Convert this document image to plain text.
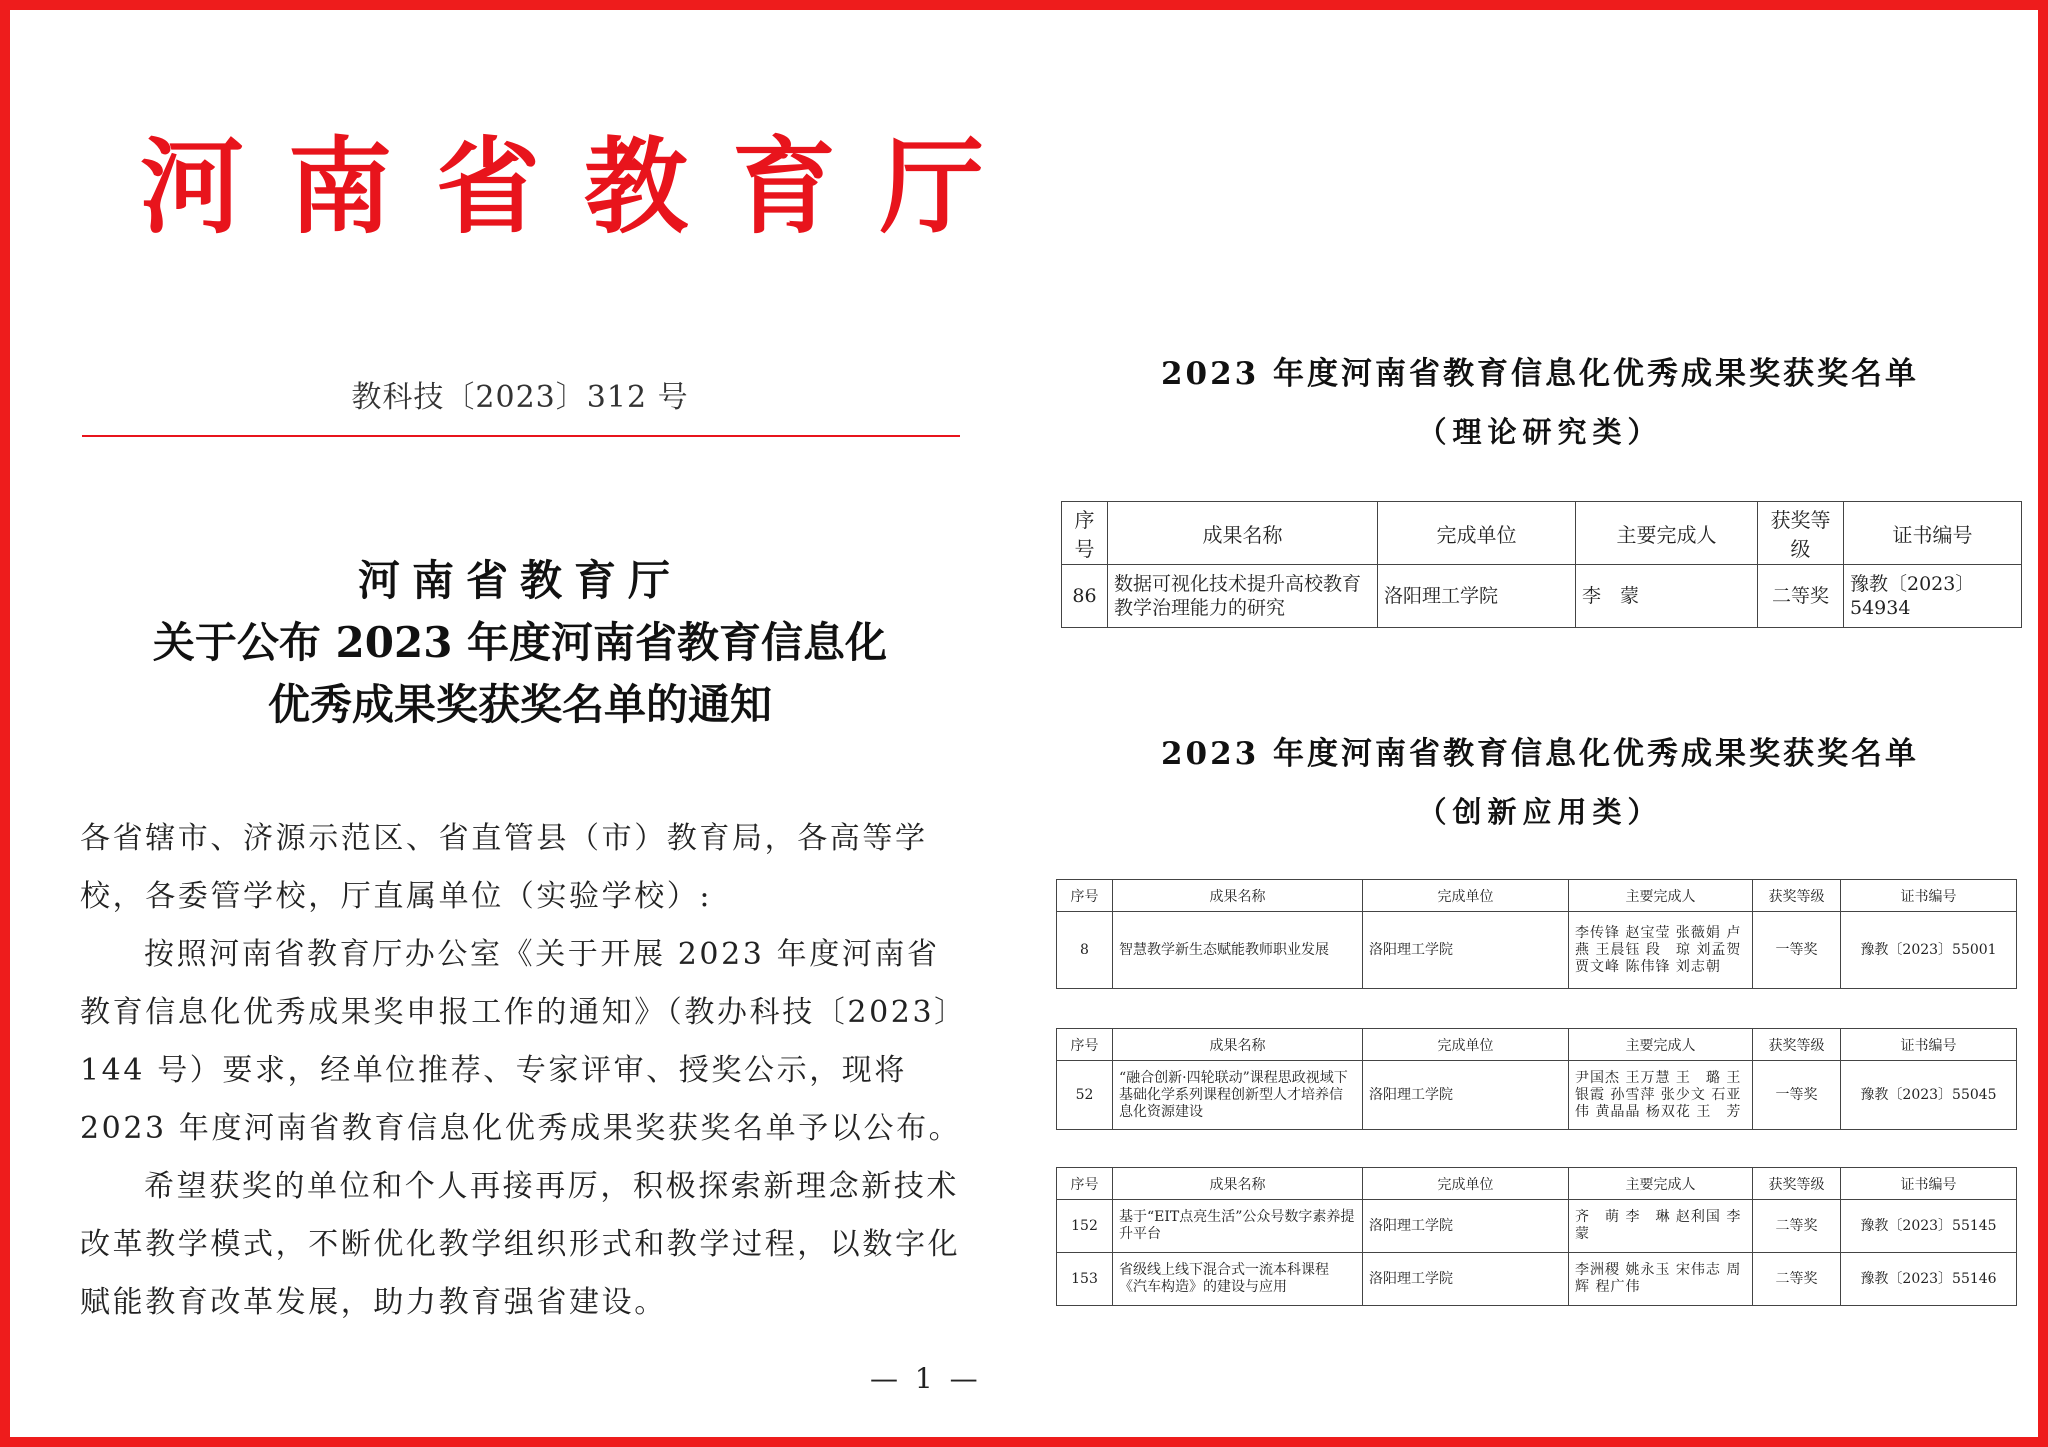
河南省教育厅
教科技〔2023〕312 号
河南省教育厅
关于公布 2023 年度河南省教育信息化
优秀成果奖获奖名单的通知

各省辖市、济源示范区、省直管县（市）教育局，各高等学校，各委管学校，厅直属单位（实验学校）:

按照河南省教育厅办公室《关于开展 2023 年度河南省教育信息化优秀成果奖申报工作的通知》（教办科技〔2023〕144 号）要求，经单位推荐、专家评审、授奖公示，现将 2023 年度河南省教育信息化优秀成果奖获奖名单予以公布。

希望获奖的单位和个人再接再厉，积极探索新理念新技术改革教学模式，不断优化教学组织形式和教学过程，以数字化赋能教育改革发展，助力教育强省建设。

— 1 —
2023 年度河南省教育信息化优秀成果奖获奖名单
（理论研究类）
序号	成果名称	完成单位	主要完成人	获奖等级	证书编号
86	数据可视化技术提升高校教育教学治理能力的研究	洛阳理工学院	李　蒙	二等奖	豫教〔2023〕54934
2023 年度河南省教育信息化优秀成果奖获奖名单
（创新应用类）
序号	成果名称	完成单位	主要完成人	获奖等级	证书编号
8	智慧教学新生态赋能教师职业发展	洛阳理工学院	李传锋 赵宝莹 张薇娟 卢　燕 王晨钰 段　琼 刘孟贺 贾文峰 陈伟锋 刘志朝	一等奖	豫教〔2023〕55001
序号	成果名称	完成单位	主要完成人	获奖等级	证书编号
52	“融合创新·四轮联动”课程思政视域下基础化学系列课程创新型人才培养信息化资源建设	洛阳理工学院	尹国杰 王万慧 王　璐 王银霞 孙雪萍 张少文 石亚伟 黄晶晶 杨双花 王　芳	一等奖	豫教〔2023〕55045
序号	成果名称	完成单位	主要完成人	获奖等级	证书编号
152	基于“EIT点亮生活”公众号数字素养提升平台	洛阳理工学院	齐　萌 李　琳 赵利国 李　蒙	二等奖	豫教〔2023〕55145
153	省级线上线下混合式一流本科课程《汽车构造》的建设与应用	洛阳理工学院	李洲稷 姚永玉 宋伟志 周　辉 程广伟	二等奖	豫教〔2023〕55146
